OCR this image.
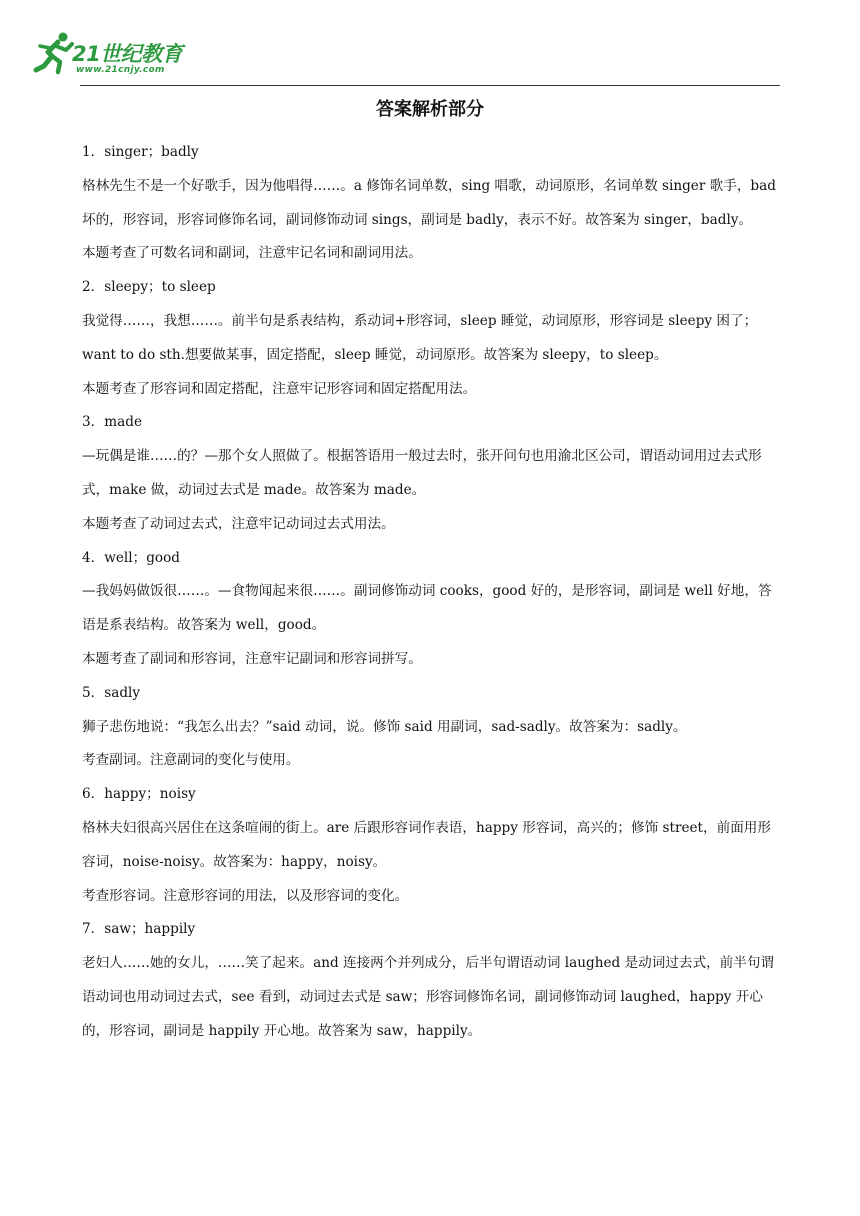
21世纪教育
www.21cnjy.com
答案解析部分

1．singer；badly

格林先生不是一个好歌手，因为他唱得……。a 修饰名词单数，sing 唱歌，动词原形，名词单数 singer 歌手，bad 坏的，形容词，形容词修饰名词，副词修饰动词 sings，副词是 badly，表示不好。故答案为 singer，badly。

本题考查了可数名词和副词，注意牢记名词和副词用法。

2．sleepy；to sleep

我觉得……，我想……。前半句是系表结构，系动词+形容词，sleep 睡觉，动词原形，形容词是 sleepy 困了；want to do sth.想要做某事，固定搭配，sleep 睡觉，动词原形。故答案为 sleepy，to sleep。

本题考查了形容词和固定搭配，注意牢记形容词和固定搭配用法。

3．made

—玩偶是谁……的？—那个女人照做了。根据答语用一般过去时，张开问句也用渝北区公司，谓语动词用过去式形式，make 做，动词过去式是 made。故答案为 made。

本题考查了动词过去式，注意牢记动词过去式用法。

4．well；good

—我妈妈做饭很……。—食物闻起来很……。副词修饰动词 cooks，good 好的，是形容词，副词是 well 好地，答语是系表结构。故答案为 well，good。

本题考查了副词和形容词，注意牢记副词和形容词拼写。

5．sadly

狮子悲伤地说：“我怎么出去？”said 动词，说。修饰 said 用副词，sad-sadly。故答案为：sadly。

考查副词。注意副词的变化与使用。

6．happy；noisy

格林夫妇很高兴居住在这条喧闹的街上。are 后跟形容词作表语，happy 形容词，高兴的；修饰 street，前面用形容词，noise-noisy。故答案为：happy，noisy。

考查形容词。注意形容词的用法，以及形容词的变化。

7．saw；happily

老妇人……她的女儿，……笑了起来。and 连接两个并列成分，后半句谓语动词 laughed 是动词过去式，前半句谓语动词也用动词过去式，see 看到，动词过去式是 saw；形容词修饰名词，副词修饰动词 laughed，happy 开心的，形容词，副词是 happily 开心地。故答案为 saw，happily。
